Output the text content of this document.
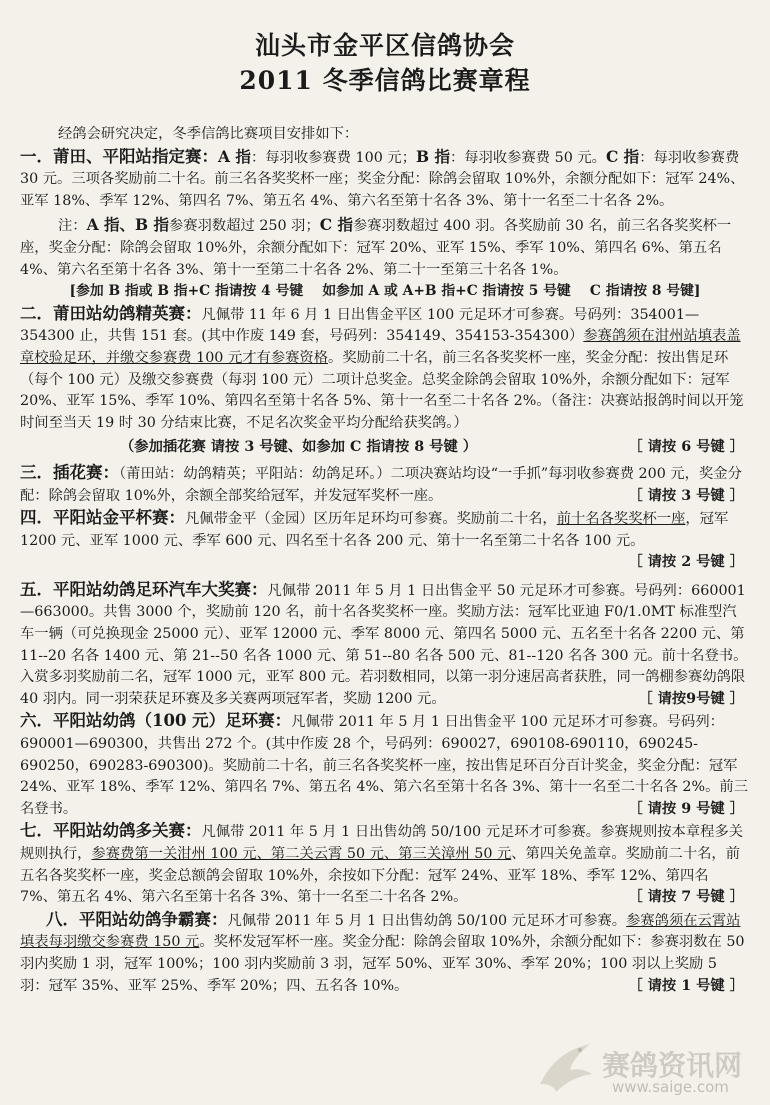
汕头市金平区信鸽协会
2011 冬季信鸽比赛章程

经鸽会研究决定，冬季信鸽比赛项目安排如下：

一．莆田、平阳站指定赛：A 指：每羽收参赛费 100 元；B 指：每羽收参赛费 50 元。C 指：每羽收参赛费 30 元。三项各奖励前二十名。前三名各奖奖杯一座；奖金分配：除鸽会留取 10%外，余额分配如下：冠军 24%、亚军 18%、季军 12%、第四名 7%、第五名 4%、第六名至第十名各 3%、第十一名至二十名各 2%。

注：A 指、B 指参赛羽数超过 250 羽；C 指参赛羽数超过 400 羽。各奖励前 30 名，前三名各奖奖杯一座，奖金分配：除鸽会留取 10%外，余额分配如下：冠军 20%、亚军 15%、季军 10%、第四名 6%、第五名 4%、第六名至第十名各 3%、第十一至第二十名各 2%、第二十一至第三十名各 1%。

[参加 B 指或 B 指+C 指请按 4 号键    如参加 A 或 A+B 指+C 指请按 5 号键    C 指请按 8 号键]

二．莆田站幼鸽精英赛：凡佩带 11 年 6 月 1 日出售金平区 100 元足环才可参赛。号码列：354001—354300 止，共售 151 套。(其中作废 149 套，号码列：354149、354153-354300）参赛鸽须在泔州站填表盖章校验足环，并缴交参赛费 100 元才有参赛资格。奖励前二十名，前三名各奖奖杯一座，奖金分配：按出售足环（每个 100 元）及缴交参赛费（每羽 100 元）二项计总奖金。总奖金除鸽会留取 10%外，余额分配如下：冠军 20%、亚军 15%、季军 10%、第四名至第十名各 5%、第十一名至二十名各 2%。（备注：决赛站报鸽时间以开笼时间至当天 19 时 30 分结束比赛，不足名次奖金平均分配给获奖鸽。）

（参加插花赛 请按 3 号键、如参加 C 指请按 8 号键 ）	［ 请按 6 号键 ］

三．插花赛：（莆田站：幼鸽精英；平阳站：幼鸽足环。）二项决赛站均设“一手抓”每羽收参赛费 200 元，奖金分配：除鸽会留取 10%外，余额全部奖给冠军，并发冠军奖杯一座。	［ 请按 3 号键 ］

四．平阳站金平杯赛：凡佩带金平（金园）区历年足环均可参赛。奖励前二十名，前十名各奖奖杯一座，冠军 1200 元、亚军 1000 元、季军 600 元、四名至十名各 200 元、第十一名至第二十名各 100 元。

［ 请按 2 号键 ］

五．平阳站幼鸽足环汽车大奖赛：凡佩带 2011 年 5 月 1 日出售金平 50 元足环才可参赛。号码列：660001—663000。共售 3000 个，奖励前 120 名，前十名各奖奖杯一座。奖励方法：冠军比亚迪 F0/1.0MT 标准型汽车一辆（可兑换现金 25000 元）、亚军 12000 元、季军 8000 元、第四名 5000 元、五名至十名各 2200 元、第 11--20 名各 1400 元、第 21--50 名各 1000 元、第 51--80 名各 500 元、81--120 名各 300 元。前十名登书。入赏多羽奖励前二名，冠军 1000 元，亚军 800 元。若羽数相同，以第一羽分速居高者获胜，同一鸽棚参赛幼鸽限 40 羽内。同一羽荣获足环赛及多关赛两项冠军者，奖励 1200 元。	［ 请按9号键 ］

六．平阳站幼鸽（100 元）足环赛：凡佩带 2011 年 5 月 1 日出售金平 100 元足环才可参赛。号码列：690001—690300，共售出 272 个。(其中作废 28 个，号码列：690027，690108-690110，690245-690250，690283-690300)。奖励前二十名，前三名各奖奖杯一座，按出售足环百分百计奖金，奖金分配：冠军 24%、亚军 18%、季军 12%、第四名 7%、第五名 4%、第六名至第十名各 3%、第十一名至二十名各 2%。前三名登书。	［ 请按 9 号键 ］

七．平阳站幼鸽多关赛：凡佩带 2011 年 5 月 1 日出售幼鸽 50/100 元足环才可参赛。参赛规则按本章程多关规则执行，参赛费第一关泔州 100 元、第二关云霄 50 元、第三关漳州 50 元、第四关免盖章。奖励前二十名，前五名各奖奖杯一座，奖金总额鸽会留取 10%外，余按如下分配：冠军 24%、亚军 18%、季军 12%、第四名 7%、第五名 4%、第六名至第十名各 3%、第十一名至二十名各 2%。	［ 请按 7 号键 ］

八．平阳站幼鸽争霸赛：凡佩带 2011 年 5 月 1 日出售幼鸽 50/100 元足环才可参赛。参赛鸽须在云霄站填表每羽缴交参赛费 150 元。奖杯发冠军杯一座。奖金分配：除鸽会留取 10%外，余额分配如下：参赛羽数在 50 羽内奖励 1 羽，冠军 100%；100 羽内奖励前 3 羽，冠军 50%、亚军 30%、季军 20%；100 羽以上奖励 5 羽：冠军 35%、亚军 25%、季军 20%；四、五名各 10%。	［ 请按 1 号键 ］

赛鸽资讯网
www.saige.com
